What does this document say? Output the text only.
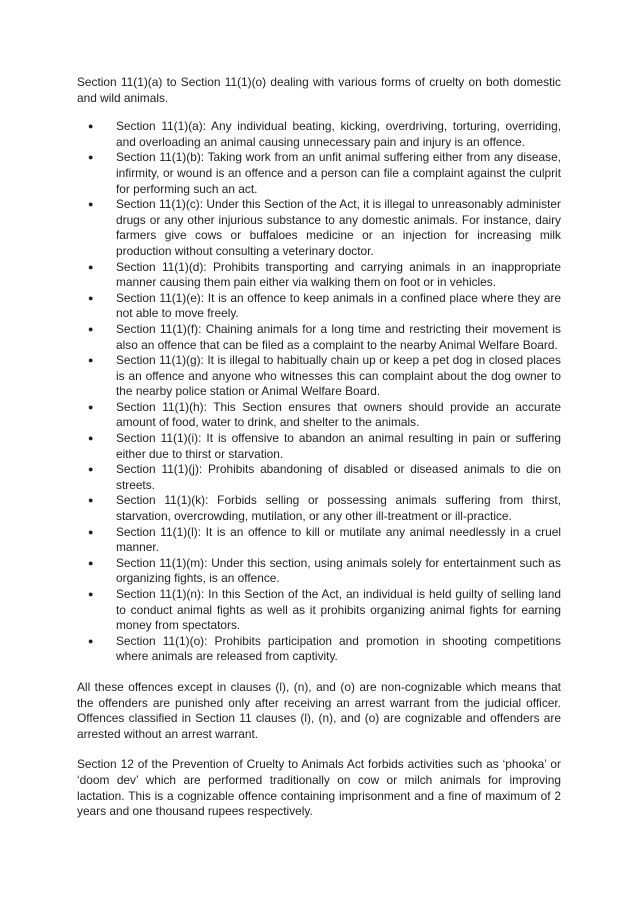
Section 11(1)(a) to Section 11(1)(o) dealing with various forms of cruelty on both domestic and wild animals.

● Section 11(1)(a): Any individual beating, kicking, overdriving, torturing, overriding, and overloading an animal causing unnecessary pain and injury is an offence.
● Section 11(1)(b): Taking work from an unfit animal suffering either from any disease, infirmity, or wound is an offence and a person can file a complaint against the culprit for performing such an act.
● Section 11(1)(c): Under this Section of the Act, it is illegal to unreasonably administer drugs or any other injurious substance to any domestic animals. For instance, dairy farmers give cows or buffaloes medicine or an injection for increasing milk production without consulting a veterinary doctor.
● Section 11(1)(d): Prohibits transporting and carrying animals in an inappropriate manner causing them pain either via walking them on foot or in vehicles.
● Section 11(1)(e): It is an offence to keep animals in a confined place where they are not able to move freely.
● Section 11(1)(f): Chaining animals for a long time and restricting their movement is also an offence that can be filed as a complaint to the nearby Animal Welfare Board.
● Section 11(1)(g): It is illegal to habitually chain up or keep a pet dog in closed places is an offence and anyone who witnesses this can complaint about the dog owner to the nearby police station or Animal Welfare Board.
● Section 11(1)(h): This Section ensures that owners should provide an accurate amount of food, water to drink, and shelter to the animals.
● Section 11(1)(i): It is offensive to abandon an animal resulting in pain or suffering either due to thirst or starvation.
● Section 11(1)(j): Prohibits abandoning of disabled or diseased animals to die on streets.
● Section 11(1)(k): Forbids selling or possessing animals suffering from thirst, starvation, overcrowding, mutilation, or any other ill-treatment or ill-practice.
● Section 11(1)(l): It is an offence to kill or mutilate any animal needlessly in a cruel manner.
● Section 11(1)(m): Under this section, using animals solely for entertainment such as organizing fights, is an offence.
● Section 11(1)(n): In this Section of the Act, an individual is held guilty of selling land to conduct animal fights as well as it prohibits organizing animal fights for earning money from spectators.
● Section 11(1)(o): Prohibits participation and promotion in shooting competitions where animals are released from captivity.

All these offences except in clauses (l), (n), and (o) are non-cognizable which means that the offenders are punished only after receiving an arrest warrant from the judicial officer. Offences classified in Section 11 clauses (l), (n), and (o) are cognizable and offenders are arrested without an arrest warrant.

Section 12 of the Prevention of Cruelty to Animals Act forbids activities such as ‘phooka’ or ‘doom dev’ which are performed traditionally on cow or milch animals for improving lactation. This is a cognizable offence containing imprisonment and a fine of maximum of 2 years and one thousand rupees respectively.
